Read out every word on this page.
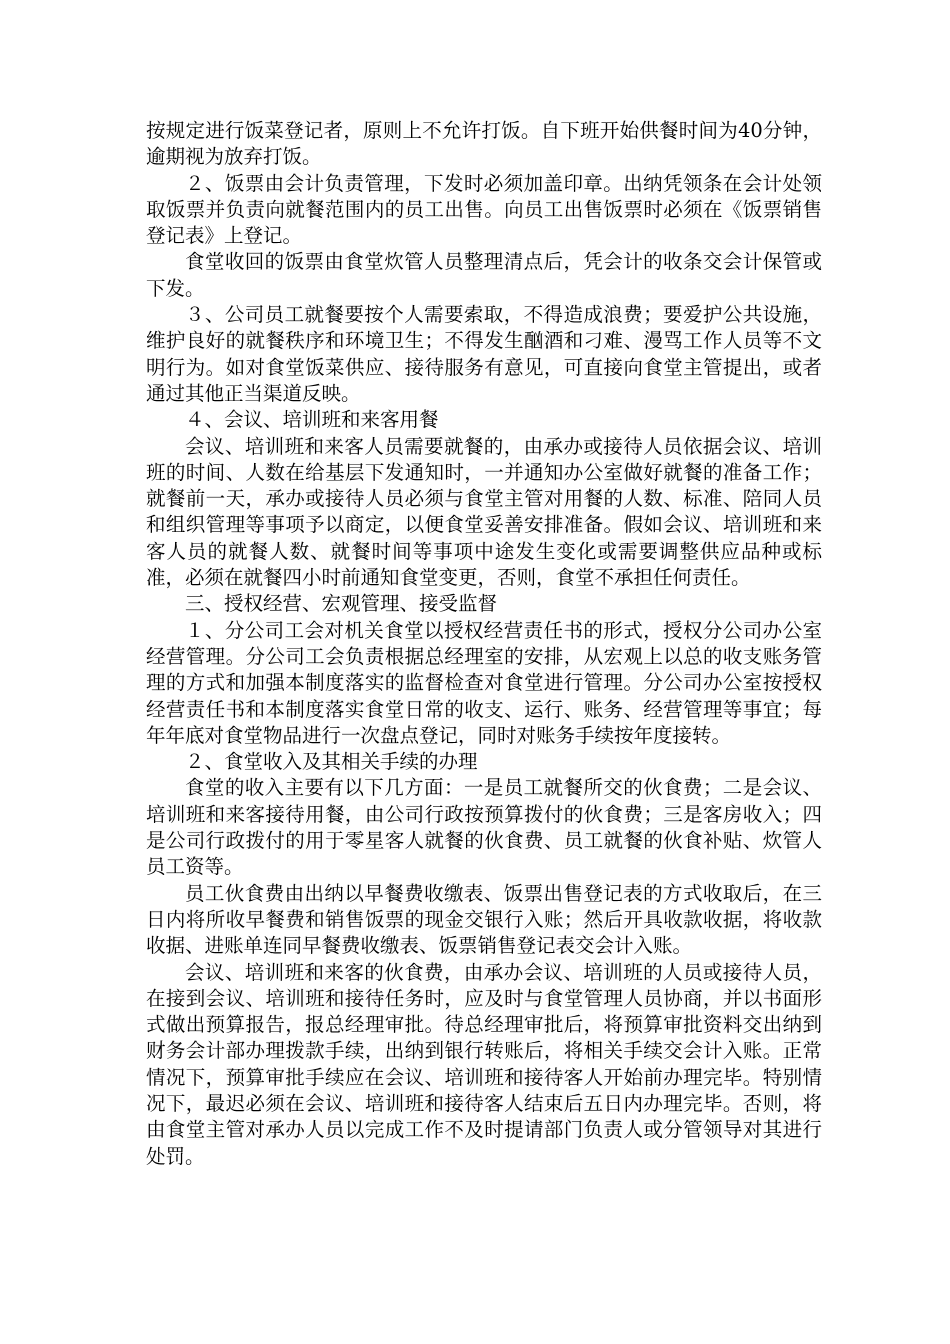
按规定进行饭菜登记者，原则上不允许打饭。自下班开始供餐时间为40分钟，逾期视为放弃打饭。

２、饭票由会计负责管理，下发时必须加盖印章。出纳凭领条在会计处领取饭票并负责向就餐范围内的员工出售。向员工出售饭票时必须在《饭票销售登记表》上登记。

食堂收回的饭票由食堂炊管人员整理清点后，凭会计的收条交会计保管或下发。

３、公司员工就餐要按个人需要索取，不得造成浪费；要爱护公共设施，维护良好的就餐秩序和环境卫生；不得发生酗酒和刁难、漫骂工作人员等不文明行为。如对食堂饭菜供应、接待服务有意见，可直接向食堂主管提出，或者通过其他正当渠道反映。

４、会议、培训班和来客用餐

会议、培训班和来客人员需要就餐的，由承办或接待人员依据会议、培训班的时间、人数在给基层下发通知时，一并通知办公室做好就餐的准备工作；就餐前一天，承办或接待人员必须与食堂主管对用餐的人数、标准、陪同人员和组织管理等事项予以商定，以便食堂妥善安排准备。假如会议、培训班和来客人员的就餐人数、就餐时间等事项中途发生变化或需要调整供应品种或标准，必须在就餐四小时前通知食堂变更，否则，食堂不承担任何责任。

三、授权经营、宏观管理、接受监督

１、分公司工会对机关食堂以授权经营责任书的形式，授权分公司办公室经营管理。分公司工会负责根据总经理室的安排，从宏观上以总的收支账务管理的方式和加强本制度落实的监督检查对食堂进行管理。分公司办公室按授权经营责任书和本制度落实食堂日常的收支、运行、账务、经营管理等事宜；每年年底对食堂物品进行一次盘点登记，同时对账务手续按年度接转。

２、食堂收入及其相关手续的办理

食堂的收入主要有以下几方面：一是员工就餐所交的伙食费；二是会议、培训班和来客接待用餐，由公司行政按预算拨付的伙食费；三是客房收入；四是公司行政拨付的用于零星客人就餐的伙食费、员工就餐的伙食补贴、炊管人员工资等。

员工伙食费由出纳以早餐费收缴表、饭票出售登记表的方式收取后，在三日内将所收早餐费和销售饭票的现金交银行入账；然后开具收款收据，将收款收据、进账单连同早餐费收缴表、饭票销售登记表交会计入账。

会议、培训班和来客的伙食费，由承办会议、培训班的人员或接待人员，在接到会议、培训班和接待任务时，应及时与食堂管理人员协商，并以书面形式做出预算报告，报总经理审批。待总经理审批后，将预算审批资料交出纳到财务会计部办理拨款手续，出纳到银行转账后，将相关手续交会计入账。正常情况下，预算审批手续应在会议、培训班和接待客人开始前办理完毕。特别情况下，最迟必须在会议、培训班和接待客人结束后五日内办理完毕。否则，将由食堂主管对承办人员以完成工作不及时提请部门负责人或分管领导对其进行处罚。
